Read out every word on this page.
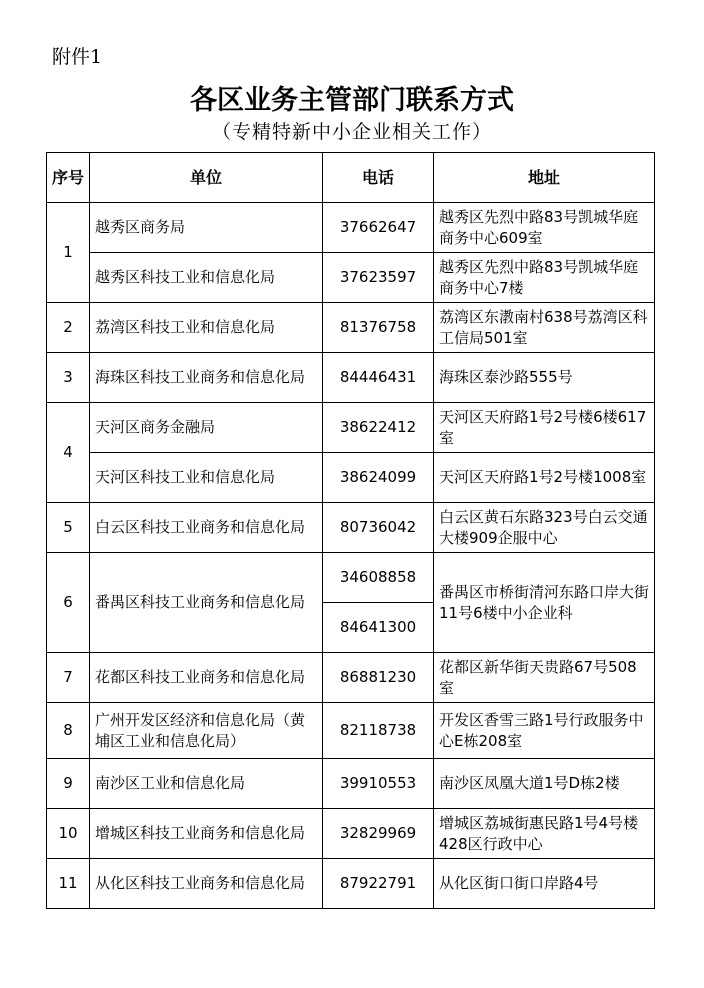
附件1
各区业务主管部门联系方式
（专精特新中小企业相关工作）
序号	单位	电话	地址
1	越秀区商务局	37662647	越秀区先烈中路83号凯城华庭商务中心609室
	越秀区科技工业和信息化局	37623597	越秀区先烈中路83号凯城华庭商务中心7楼
2	荔湾区科技工业和信息化局	81376758	荔湾区东漖南村638号荔湾区科工信局501室
3	海珠区科技工业商务和信息化局	84446431	海珠区泰沙路555号
4	天河区商务金融局	38622412	天河区天府路1号2号楼6楼617室
	天河区科技工业和信息化局	38624099	天河区天府路1号2号楼1008室
5	白云区科技工业商务和信息化局	80736042	白云区黄石东路323号白云交通大楼909企服中心
6	番禺区科技工业商务和信息化局	34608858	番禺区市桥街清河东路口岸大街11号6楼中小企业科
		84641300	
7	花都区科技工业商务和信息化局	86881230	花都区新华街天贵路67号508室
8	广州开发区经济和信息化局（黄埔区工业和信息化局）	82118738	开发区香雪三路1号行政服务中心E栋208室
9	南沙区工业和信息化局	39910553	南沙区凤凰大道1号D栋2楼
10	增城区科技工业商务和信息化局	32829969	增城区荔城街惠民路1号4号楼428区行政中心
11	从化区科技工业商务和信息化局	87922791	从化区街口街口岸路4号
